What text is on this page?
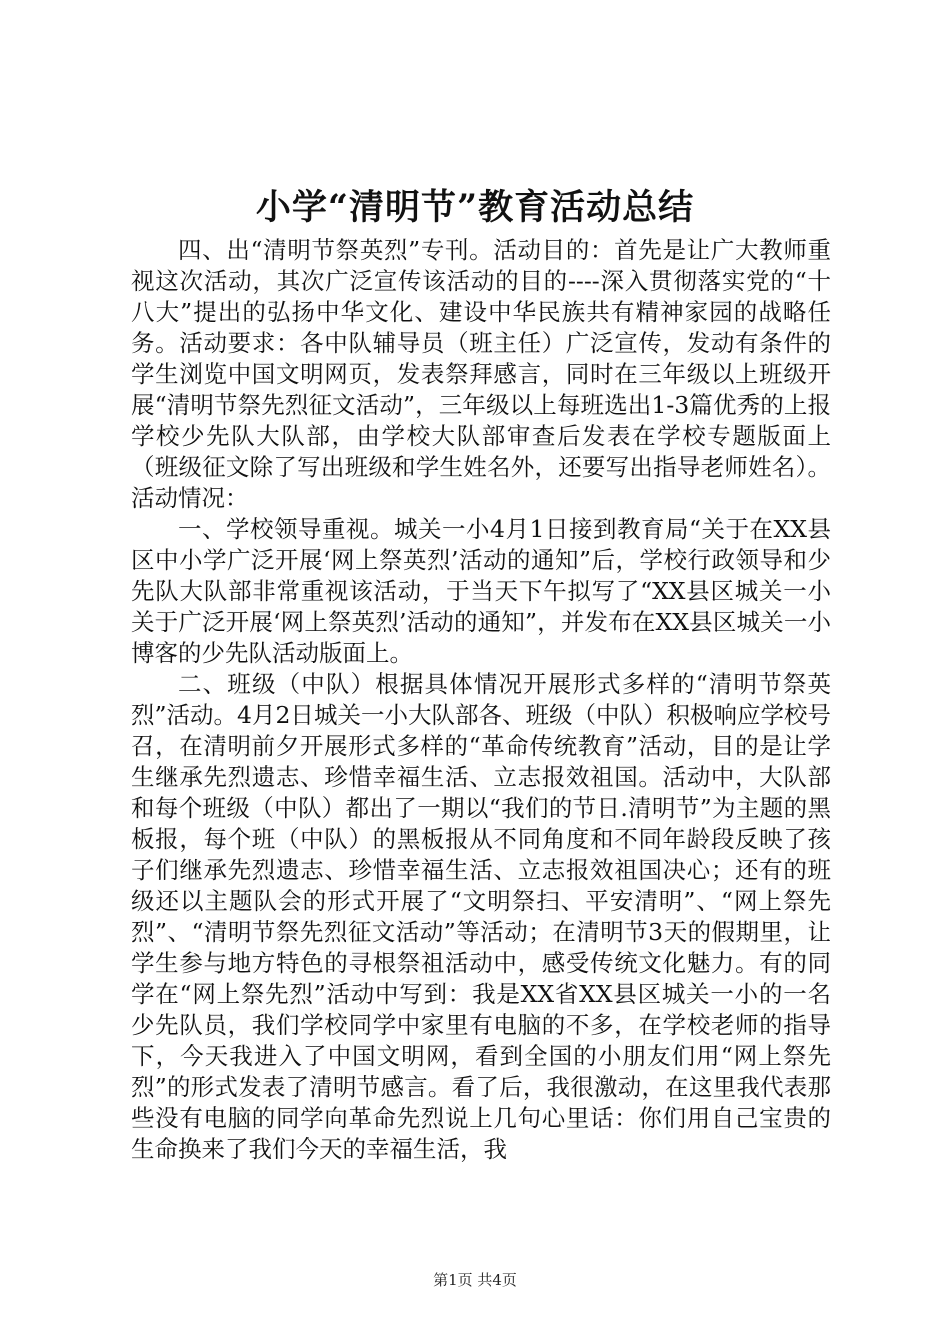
小学“清明节”教育活动总结

四、出“清明节祭英烈”专刊。活动目的：首先是让广大教师重视这次活动，其次广泛宣传该活动的目的----深入贯彻落实党的“十八大”提出的弘扬中华文化、建设中华民族共有精神家园的战略任务。活动要求：各中队辅导员（班主任）广泛宣传，发动有条件的学生浏览中国文明网页，发表祭拜感言，同时在三年级以上班级开展“清明节祭先烈征文活动”，三年级以上每班选出1-3篇优秀的上报学校少先队大队部，由学校大队部审查后发表在学校专题版面上（班级征文除了写出班级和学生姓名外，还要写出指导老师姓名）。活动情况：

一、学校领导重视。城关一小4月1日接到教育局“关于在XX县区中小学广泛开展‘网上祭英烈’活动的通知”后，学校行政领导和少先队大队部非常重视该活动，于当天下午拟写了“XX县区城关一小关于广泛开展‘网上祭英烈’活动的通知”，并发布在XX县区城关一小博客的少先队活动版面上。

二、班级（中队）根据具体情况开展形式多样的“清明节祭英烈”活动。4月2日城关一小大队部各、班级（中队）积极响应学校号召，在清明前夕开展形式多样的“革命传统教育”活动，目的是让学生继承先烈遗志、珍惜幸福生活、立志报效祖国。活动中，大队部和每个班级（中队）都出了一期以“我们的节日.清明节”为主题的黑板报，每个班（中队）的黑板报从不同角度和不同年龄段反映了孩子们继承先烈遗志、珍惜幸福生活、立志报效祖国决心；还有的班级还以主题队会的形式开展了“文明祭扫、平安清明”、“网上祭先烈”、“清明节祭先烈征文活动”等活动；在清明节3天的假期里，让学生参与地方特色的寻根祭祖活动中，感受传统文化魅力。有的同学在“网上祭先烈”活动中写到：我是XX省XX县区城关一小的一名少先队员，我们学校同学中家里有电脑的不多，在学校老师的指导下，今天我进入了中国文明网，看到全国的小朋友们用“网上祭先烈”的形式发表了清明节感言。看了后，我很激动，在这里我代表那些没有电脑的同学向革命先烈说上几句心里话：你们用自己宝贵的生命换来了我们今天的幸福生活，我

第1页 共4页
